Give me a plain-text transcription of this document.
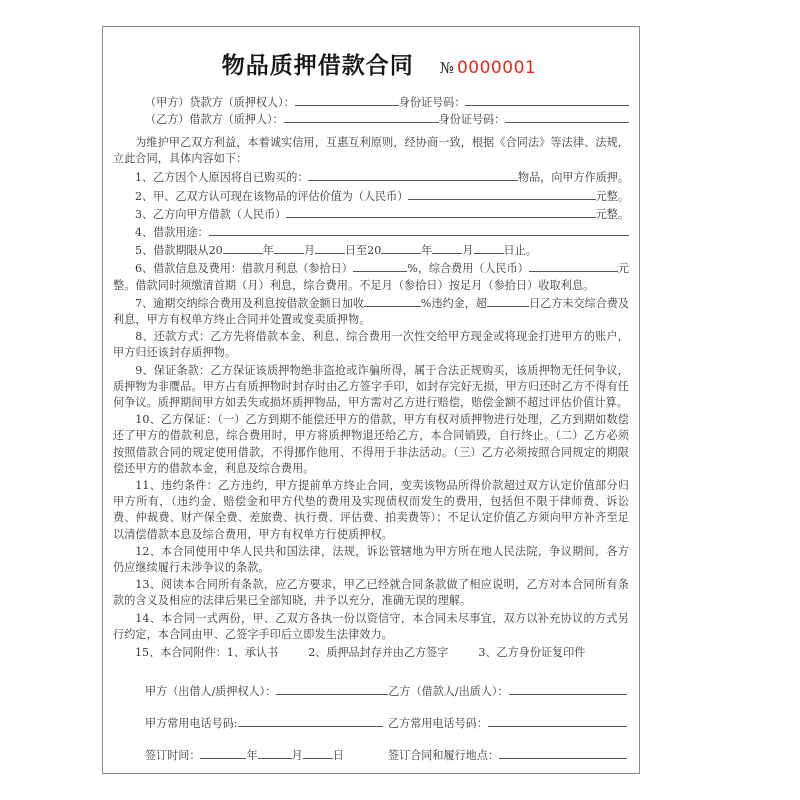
物品质押借款合同 № 0000001
（甲方）贷款方（质押权人）：	身份证号码：
（乙方）借款方（质押人）：	身份证号码：

为维护甲乙双方利益，本着诚实信用，互惠互利原则，经协商一致，根据《合同法》等法律、法规，立此合同，具体内容如下：

1、乙方因个人原因将自已购买的：	物品，向甲方作质押。
2、甲、乙双方认可现在该物品的评估价值为（人民币）	元整。
3、乙方向甲方借款（人民币）	元整。
4、借款用途：
5、借款期限从20	年	月	日至20	年	月	日止。
6、借款信息及费用：借款月利息（参拾日）	%，综合费用（人民币）	元

整。借款同时须缴清首期（月）利息，综合费用。不足月（参拾日）按足月（参拾日）收取利息。

7、逾期交纳综合费用及利息按借款金额日加收	%违约金，超	日乙方未交综合费及

利息，甲方有权单方终止合同并处置或变卖质押物。

8、还款方式：乙方先将借款本金、利息、综合费用一次性交给甲方现金或将现金打进甲方的账户，甲方归还该封存质押物。

9、保证条款：乙方保证该质押物绝非盗抢或诈骗所得，属于合法正规购买，该质押物无任何争议，质押物为非赝品。甲方占有质押物时封存时由乙方签字手印，如封存完好无损，甲方归还时乙方不得有任何争议。质押期间甲方如丢失或损坏质押物品，甲方需对乙方进行赔偿，赔偿金额不超过评估价值计算。

10、乙方保证：（一）乙方到期不能偿还甲方的借款，甲方有权对质押物进行处理，乙方到期如数偿还了甲方的借款利息，综合费用时，甲方将质押物退还给乙方，本合同销毁，自行终止。（二）乙方必须按照借款合同的规定使用借款，不得挪作他用、不得用于非法活动。（三）乙方必须按照合同规定的期限偿还甲方的借款本金，利息及综合费用。

11、违约条件：乙方违约，甲方提前单方终止合同，变卖该物品所得价款超过双方认定价值部分归甲方所有，（违约金、赔偿金和甲方代垫的费用及实现债权而发生的费用，包括但不限于律师费、诉讼费、仲裁费、财产保全费、差旅费、执行费、评估费、拍卖费等）；不足认定价值乙方须向甲方补齐至足以清偿借款本息及综合费用，甲方有权单方行使质押权。

12、本合同使用中华人民共和国法律，法规，诉讼管辖地为甲方所在地人民法院，争议期间，各方仍应继续履行未涉争议的条款。

13、阅读本合同所有条款，应乙方要求，甲乙已经就合同条款做了相应说明，乙方对本合同所有条款的含义及相应的法律后果已全部知晓，并予以充分，准确无误的理解。

14、本合同一式两份，甲、乙双方各执一份以资信守，本合同未尽事宜，双方以补充协议的方式另行约定，本合同由甲、乙签字手印后立即发生法律效力。

15、本合同附件： 1、承认书	2、质押品封存并由乙方签字	3、乙方身份证复印件
甲方（出借人/质押权人）：	乙方（借款人/出质人）：
甲方常用电话号码:	乙方常用电话号码：
签订时间：	年	月	日	签订合同和履行地点：
